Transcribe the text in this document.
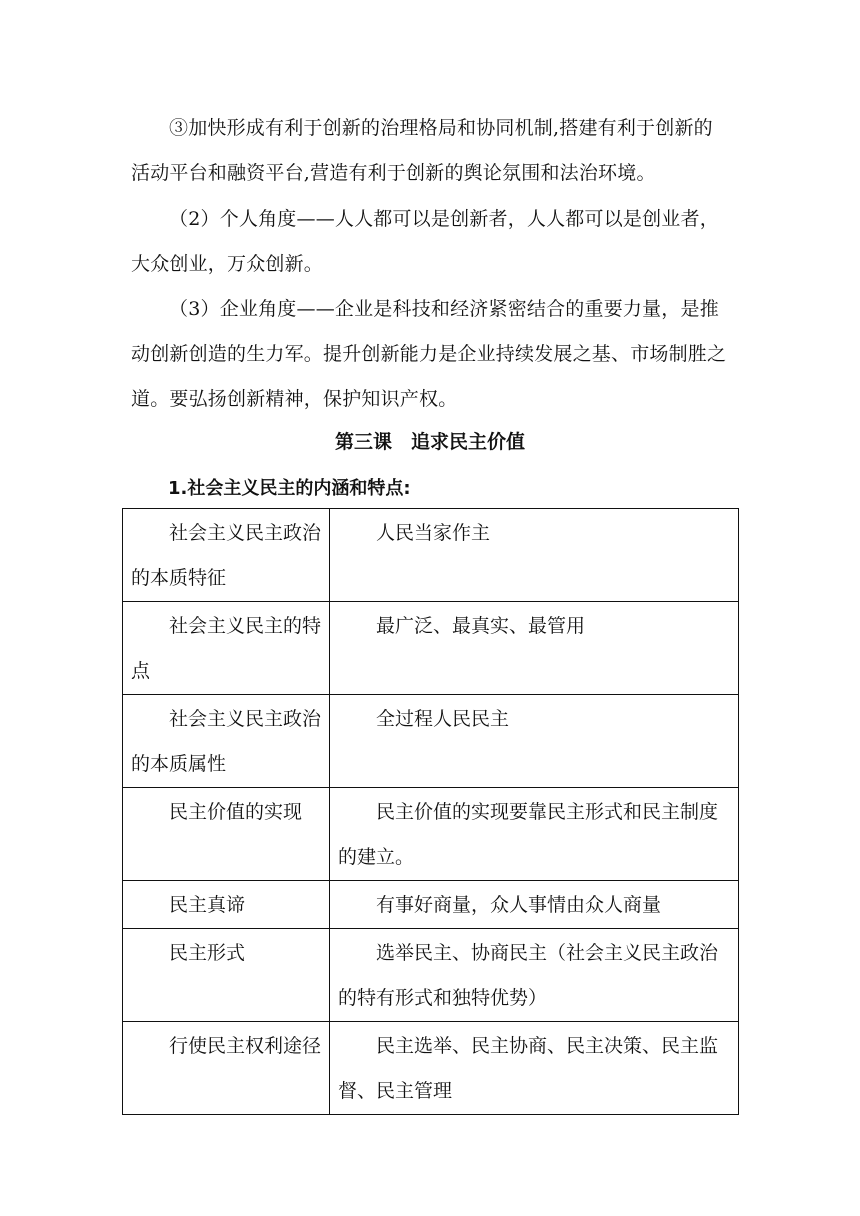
③加快形成有利于创新的治理格局和协同机制,搭建有利于创新的活动平台和融资平台,营造有利于创新的舆论氛围和法治环境。

（2）个人角度——人人都可以是创新者，人人都可以是创业者，大众创业，万众创新。

（3）企业角度——企业是科技和经济紧密结合的重要力量，是推动创新创造的生力军。提升创新能力是企业持续发展之基、市场制胜之道。要弘扬创新精神，保护知识产权。

第三课　追求民主价值
1.社会主义民主的内涵和特点:
社会主义民主政治的本质特征	人民当家作主
社会主义民主的特点	最广泛、最真实、最管用
社会主义民主政治的本质属性	全过程人民民主
民主价值的实现	民主价值的实现要靠民主形式和民主制度的建立。
民主真谛	有事好商量，众人事情由众人商量
民主形式	选举民主、协商民主（社会主义民主政治的特有形式和独特优势）
行使民主权利途径	民主选举、民主协商、民主决策、民主监督、民主管理
